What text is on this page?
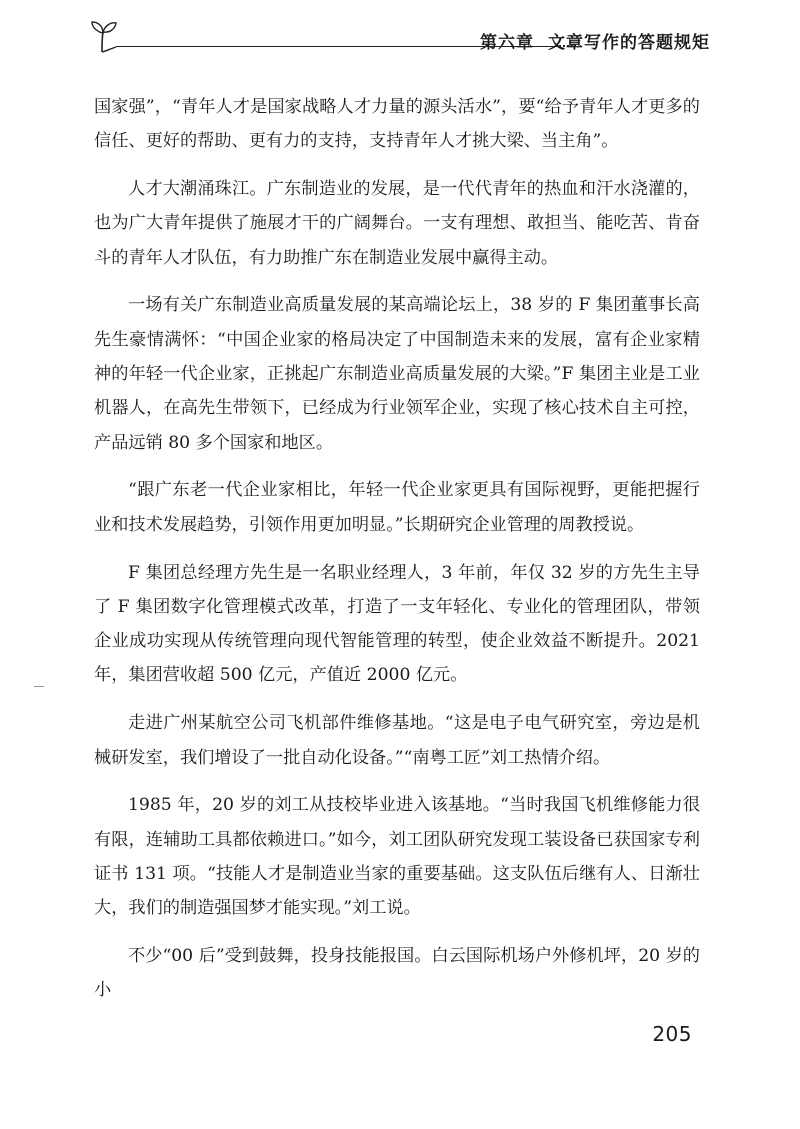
第六章 文章写作的答题规矩

国家强”，“青年人才是国家战略人才力量的源头活水”，要“给予青年人才更多的信任、更好的帮助、更有力的支持，支持青年人才挑大梁、当主角”。

人才大潮涌珠江。广东制造业的发展，是一代代青年的热血和汗水浇灌的，也为广大青年提供了施展才干的广阔舞台。一支有理想、敢担当、能吃苦、肯奋斗的青年人才队伍，有力助推广东在制造业发展中赢得主动。

一场有关广东制造业高质量发展的某高端论坛上，38 岁的 F 集团董事长高先生豪情满怀：“中国企业家的格局决定了中国制造未来的发展，富有企业家精神的年轻一代企业家，正挑起广东制造业高质量发展的大梁。”F 集团主业是工业机器人，在高先生带领下，已经成为行业领军企业，实现了核心技术自主可控，产品远销 80 多个国家和地区。

“跟广东老一代企业家相比，年轻一代企业家更具有国际视野，更能把握行业和技术发展趋势，引领作用更加明显。”长期研究企业管理的周教授说。

F 集团总经理方先生是一名职业经理人，3 年前，年仅 32 岁的方先生主导了 F 集团数字化管理模式改革，打造了一支年轻化、专业化的管理团队，带领企业成功实现从传统管理向现代智能管理的转型，使企业效益不断提升。2021 年，集团营收超 500 亿元，产值近 2000 亿元。

走进广州某航空公司飞机部件维修基地。“这是电子电气研究室，旁边是机械研发室，我们增设了一批自动化设备。”“南粤工匠”刘工热情介绍。

1985 年，20 岁的刘工从技校毕业进入该基地。“当时我国飞机维修能力很有限，连辅助工具都依赖进口。”如今，刘工团队研究发现工装设备已获国家专利证书 131 项。“技能人才是制造业当家的重要基础。这支队伍后继有人、日渐壮大，我们的制造强国梦才能实现。”刘工说。

不少“00 后”受到鼓舞，投身技能报国。白云国际机场户外修机坪，20 岁的小

205
